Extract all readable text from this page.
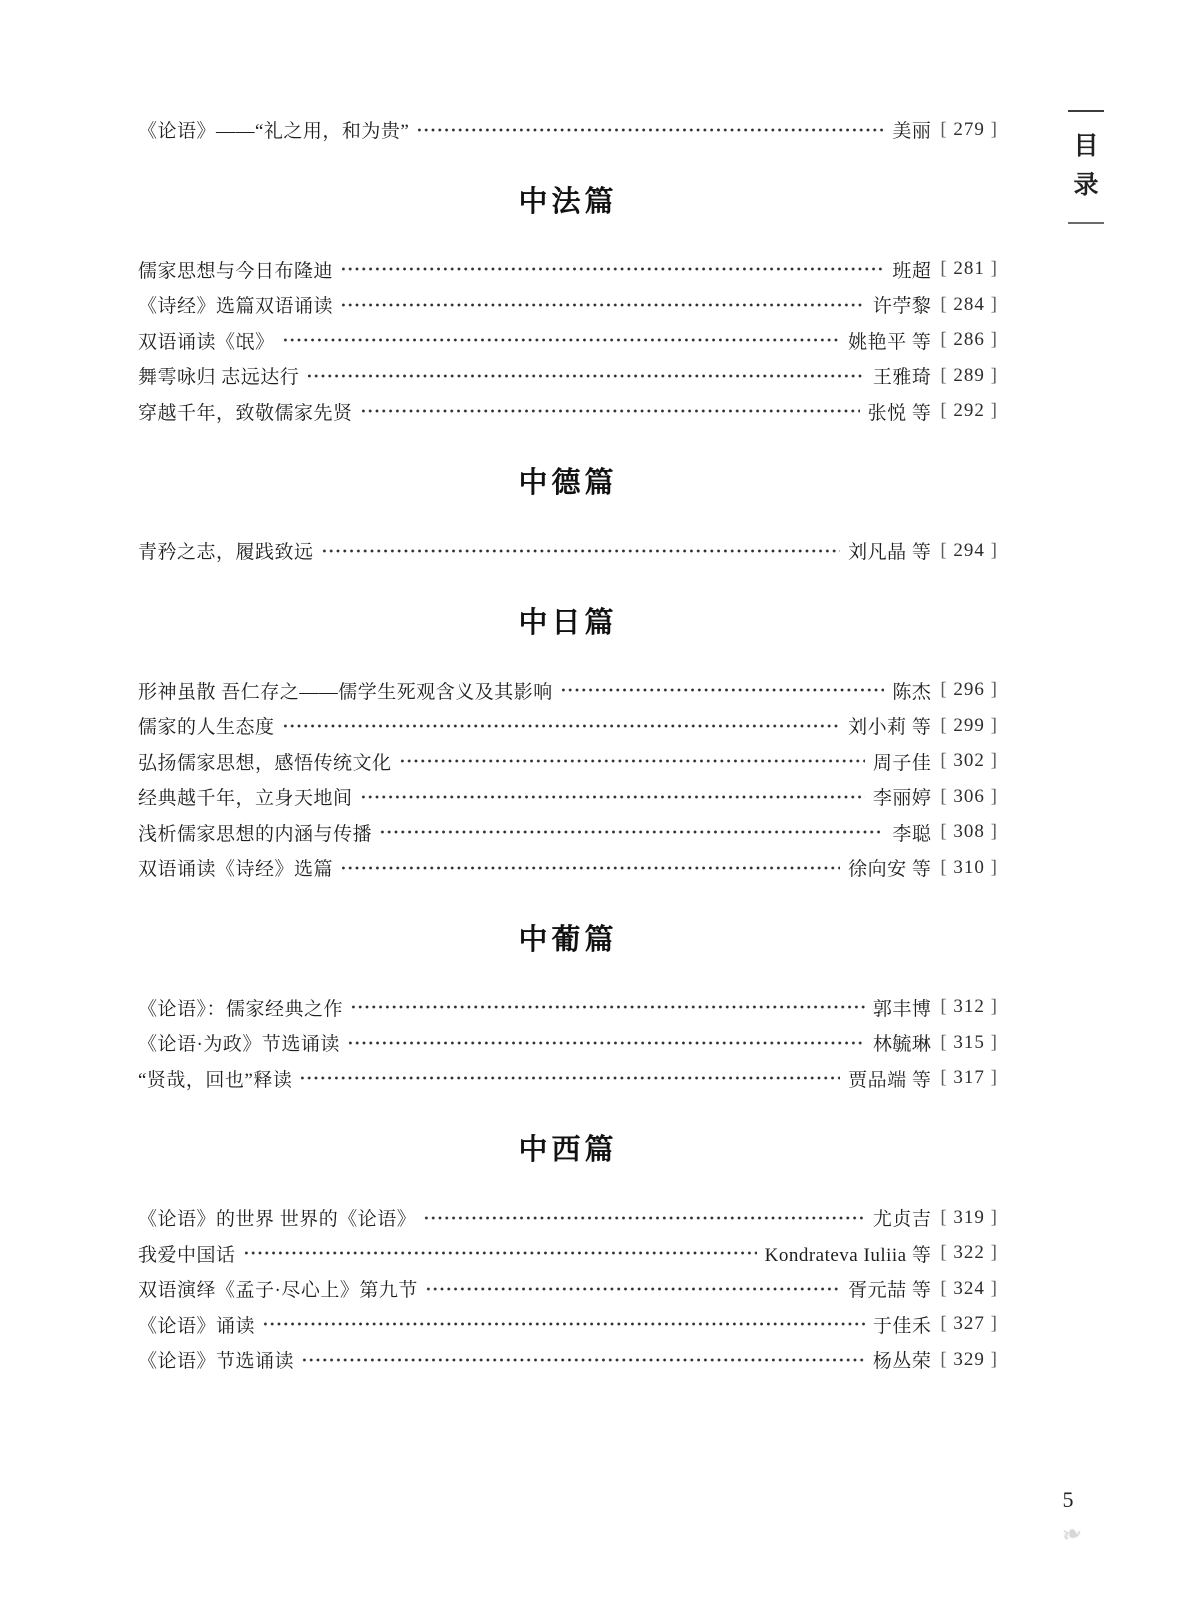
《论语》——“礼之用，和为贵”	美丽	[ 279 ]
中法篇
儒家思想与今日布隆迪	班超	[ 281 ]
《诗经》选篇双语诵读	许苧黎	[ 284 ]
双语诵读《氓》	姚艳平 等	[ 286 ]
舞雩咏归 志远达行	王雅琦	[ 289 ]
穿越千年，致敬儒家先贤	张悦 等	[ 292 ]
中德篇
青矜之志，履践致远	刘凡晶 等	[ 294 ]
中日篇
形神虽散 吾仁存之——儒学生死观含义及其影响	陈杰	[ 296 ]
儒家的人生态度	刘小莉 等	[ 299 ]
弘扬儒家思想，感悟传统文化	周子佳	[ 302 ]
经典越千年，立身天地间	李丽婷	[ 306 ]
浅析儒家思想的内涵与传播	李聪	[ 308 ]
双语诵读《诗经》选篇	徐向安 等	[ 310 ]
中葡篇
《论语》：儒家经典之作	郭丰博	[ 312 ]
《论语·为政》节选诵读	林毓琳	[ 315 ]
“贤哉，回也”释读	贾品端 等	[ 317 ]
中西篇
《论语》的世界 世界的《论语》	尤贞吉	[ 319 ]
我爱中国话	Kondrateva Iuliia 等	[ 322 ]
双语演绎《孟子·尽心上》第九节	胥元喆 等	[ 324 ]
《论语》诵读	于佳禾	[ 327 ]
《论语》节选诵读	杨丛荣	[ 329 ]
目
录
5
❧
